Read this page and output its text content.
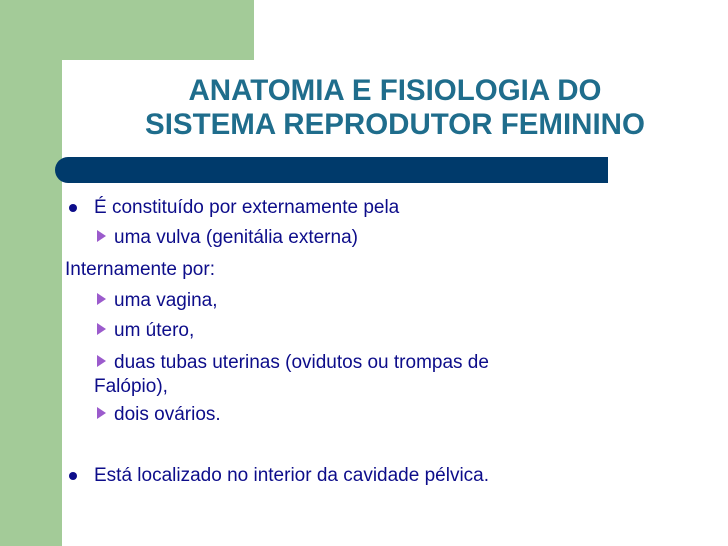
ANATOMIA E FISIOLOGIA DO
SISTEMA REPRODUTOR FEMININO
É constituído por externamente pela
uma vulva (genitália externa)
Internamente por:
uma vagina,
um útero,
duas tubas uterinas (ovidutos ou trompas de
Falópio),
dois ovários.
Está localizado no interior da cavidade pélvica.
